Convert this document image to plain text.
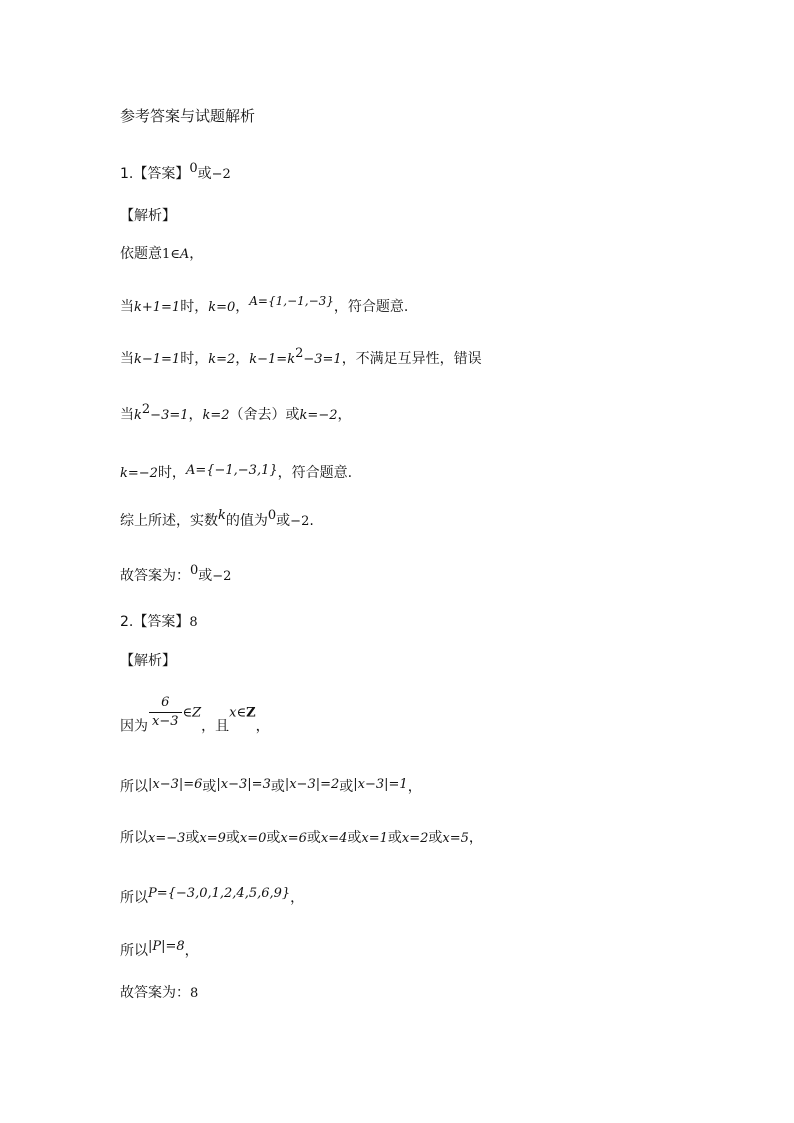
参考答案与试题解析
1.【答案】$^0$或−2
【解析】
依题意1∈A，
当k+1=1时，k=0，$^{A=\{1,-1,-3\}}$，符合题意.
当k−1=1时，k=2，$k-1=k^2-3=1$，不满足互异性，错误
当$k^2-3=1$，k=2（舍去）或k=−2，
k=−2时，A={−1,−3,1}，符合题意.
综上所述，实数$^k$的值为$^0$或−2.
故答案为：$^0$或−2
2.【答案】8
【解析】
因为 $\frac{6}{x-3}$ ∈Z，且x∈Z，
所以|x−3|=6或|x−3|=3或|x−3|=2或|x−3|=1，
所以x=−3或x=9或x=0或x=6或x=4或x=1或x=2或x=5，
所以P={−3,0,1,2,4,5,6,9}，
所以|P|=8，
故答案为：8
